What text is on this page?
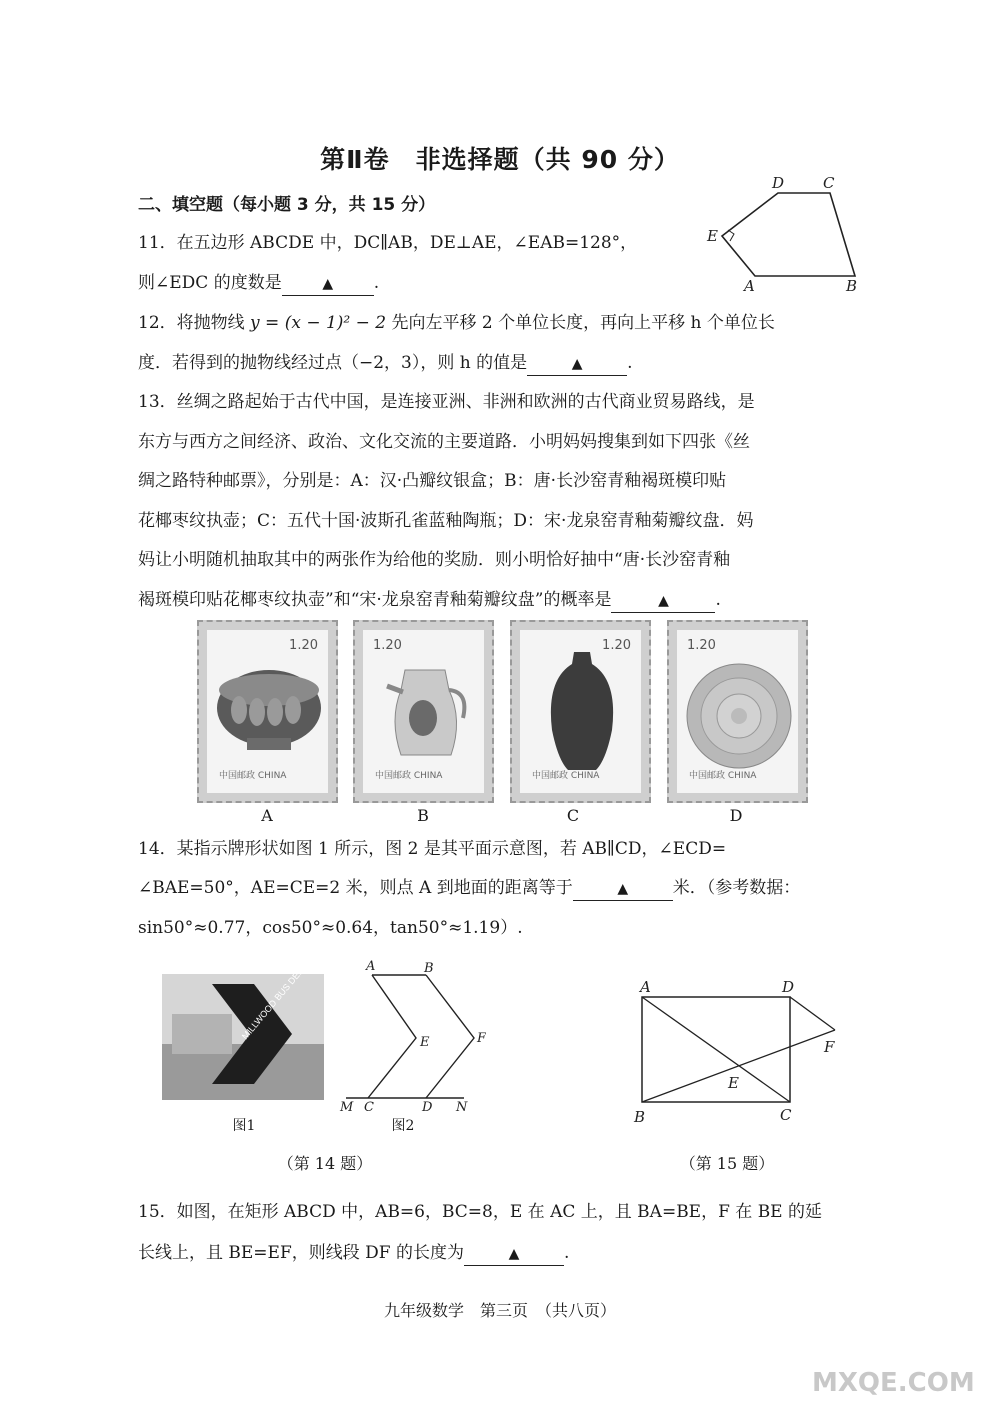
第Ⅱ卷　非选择题（共 90 分）
二、填空题（每小题 3 分，共 15 分）
11．在五边形 ABCDE 中，DC∥AB，DE⊥AE，∠EAB=128°，
则∠EDC 的度数是	▲ .
D	C
E
A	B
12．将抛物线 y = (x − 1)² − 2 先向左平移 2 个单位长度，再向上平移 h 个单位长
度．若得到的抛物线经过点（−2，3），则 h 的值是	▲	.
13．丝绸之路起始于古代中国，是连接亚洲、非洲和欧洲的古代商业贸易路线，是
东方与西方之间经济、政治、文化交流的主要道路．小明妈妈搜集到如下四张《丝
绸之路特种邮票》，分别是：A：汉·凸瓣纹银盒；B：唐·长沙窑青釉褐斑模印贴
花椰枣纹执壶；C：五代十国·波斯孔雀蓝釉陶瓶；D：宋·龙泉窑青釉菊瓣纹盘．妈
妈让小明随机抽取其中的两张作为给他的奖励．则小明恰好抽中“唐·长沙窑青釉
褐斑模印贴花椰枣纹执壶”和“宋·龙泉窑青釉菊瓣纹盘”的概率是	▲	.
1.20
中国邮政 CHINA
1.20
中国邮政 CHINA
1.20
中国邮政 CHINA
1.20
中国邮政 CHINA
A	B	C	D
14．某指示牌形状如图 1 所示，图 2 是其平面示意图，若 AB∥CD，∠ECD=
∠BAE=50°，AE=CE=2 米，则点 A 到地面的距离等于	▲	米．（参考数据：
sin50°≈0.77，cos50°≈0.64，tan50°≈1.19）.
图1
A	B
E	F
M C	D N
图2
（第 14 题）
A	D
F
E
B	C
（第 15 题）
15．如图，在矩形 ABCD 中，AB=6，BC=8，E 在 AC 上，且 BA=BE，F 在 BE 的延
长线上，且 BE=EF，则线段 DF 的长度为	▲	.
九年级数学　第三页　（共八页）
MXQE.COM
